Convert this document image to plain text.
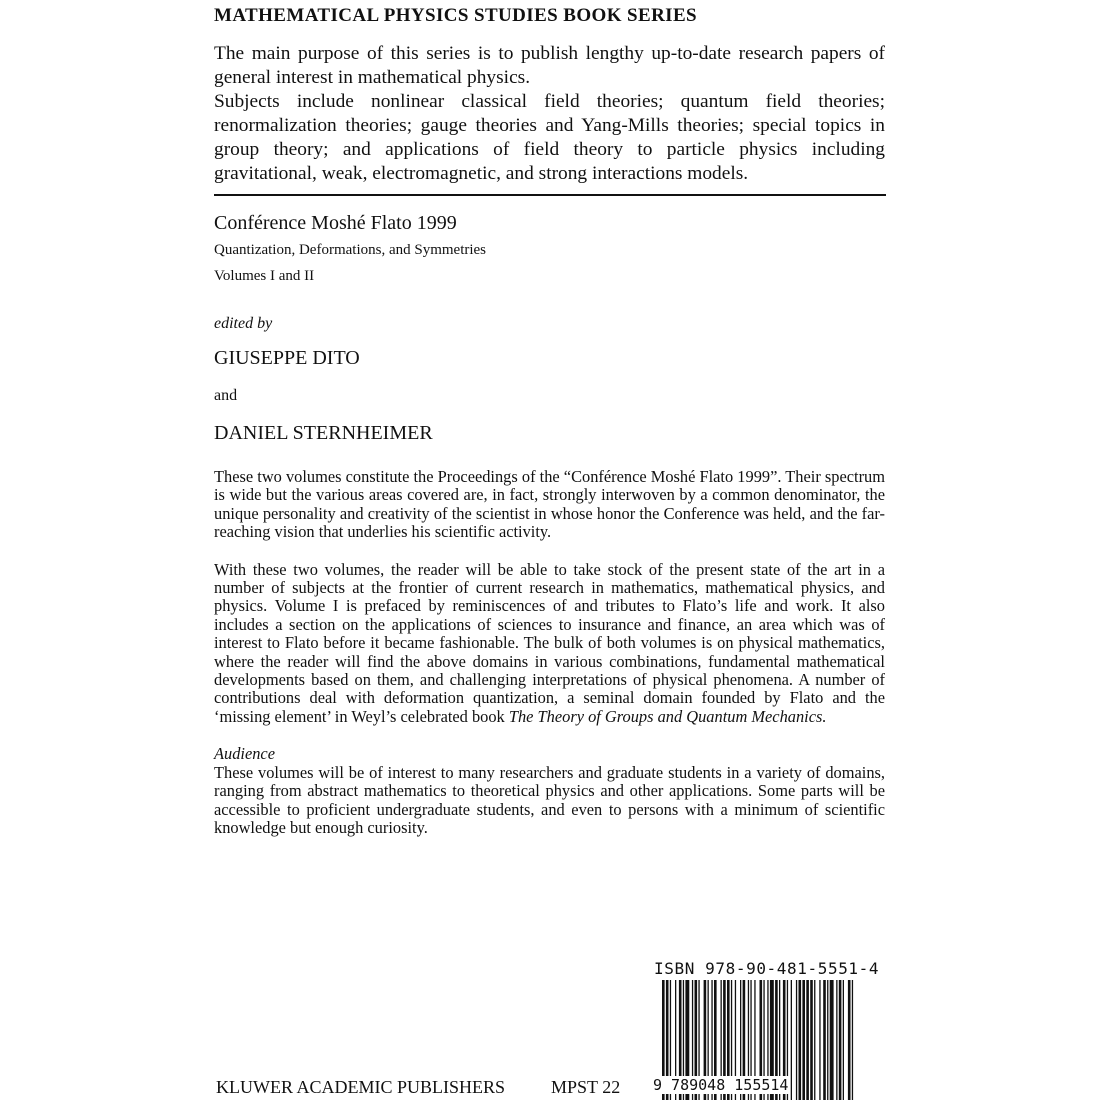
MATHEMATICAL PHYSICS STUDIES BOOK SERIES

The main purpose of this series is to publish lengthy up-to-date research papers of general interest in mathematical physics.

Subjects include nonlinear classical field theories; quantum field theories; renormalization theories; gauge theories and Yang-Mills theories; special topics in group theory; and applications of field theory to particle physics including gravitational, weak, electromagnetic, and strong interactions models.

Conférence Moshé Flato 1999
Quantization, Deformations, and Symmetries
Volumes I and II
edited by
GIUSEPPE DITO
and
DANIEL STERNHEIMER

These two volumes constitute the Proceedings of the “Conférence Moshé Flato 1999”. Their spectrum is wide but the various areas covered are, in fact, strongly interwoven by a common denominator, the unique personality and creativity of the scientist in whose honor the Conference was held, and the far-reaching vision that underlies his scientific activity.

With these two volumes, the reader will be able to take stock of the present state of the art in a number of subjects at the frontier of current research in mathematics, mathematical physics, and physics. Volume I is prefaced by reminiscences of and tributes to Flato’s life and work. It also includes a section on the applications of sciences to insurance and finance, an area which was of interest to Flato before it became fashionable. The bulk of both volumes is on physical mathematics, where the reader will find the above domains in various combinations, fundamental mathematical developments based on them, and challenging interpretations of physical phenomena. A number of contributions deal with deformation quantization, a seminal domain founded by Flato and the ‘missing element’ in Weyl’s celebrated book The Theory of Groups and Quantum Mechanics.

Audience

These volumes will be of interest to many researchers and graduate students in a variety of domains, ranging from abstract mathematics to theoretical physics and other applications. Some parts will be accessible to proficient undergraduate students, and even to persons with a minimum of scientific knowledge but enough curiosity.

ISBN 978-90-481-5551-4
9 789048 155514
KLUWER ACADEMIC PUBLISHERS	MPST 22
